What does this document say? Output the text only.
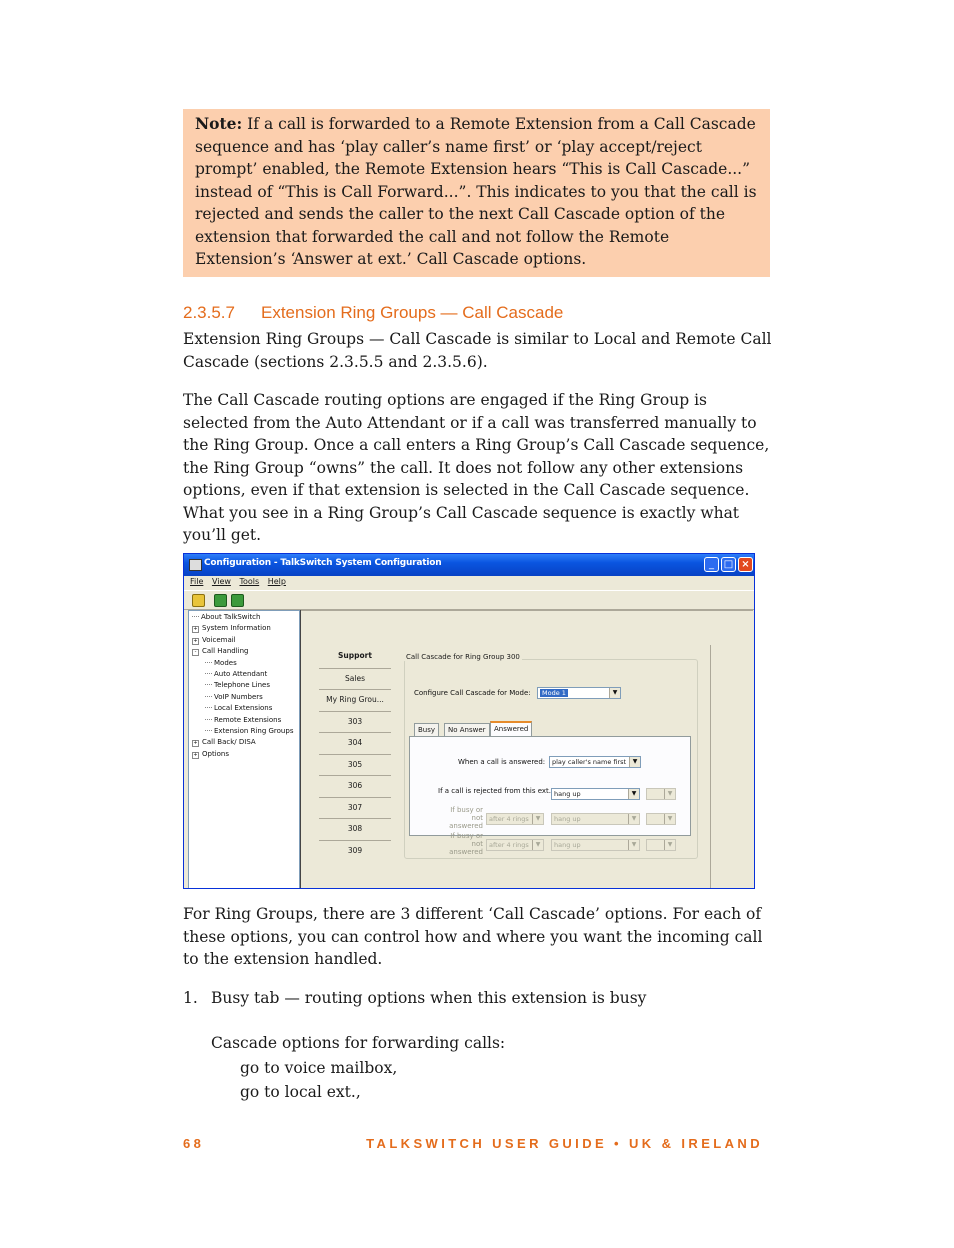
Note: If a call is forwarded to a Remote Extension from a Call Cascade sequence and has ‘play caller’s name first’ or ‘play accept/reject prompt’ enabled, the Remote Extension hears “This is Call Cascade...” instead of “This is Call Forward...”. This indicates to you that the call is rejected and sends the caller to the next Call Cascade option of the extension that forwarded the call and not follow the Remote Extension’s ‘Answer at ext.’ Call Cascade options.

2.3.5.7 Extension Ring Groups — Call Cascade

Extension Ring Groups — Call Cascade is similar to Local and Remote Call Cascade (sections 2.3.5.5 and 2.3.5.6).

The Call Cascade routing options are engaged if the Ring Group is selected from the Auto Attendant or if a call was transferred manually to the Ring Group. Once a call enters a Ring Group’s Call Cascade sequence, the Ring Group “owns” the call. It does not follow any other extensions options, even if that extension is selected in the Call Cascade sequence. What you see in a Ring Group’s Call Cascade sequence is exactly what you’ll get.

Configuration - TalkSwitch System Configuration	_ □ ×
File View Tools Help
About TalkSwitch
+ System Information
+ Voicemail
- Call Handling
Modes
Auto Attendant
Telephone Lines
VoIP Numbers
Local Extensions
Remote Extensions
Extension Ring Groups
+ Call Back/ DISA
+ Options
Support
Sales
My Ring Grou...
303
304
305
306
307
308
309
Call Cascade for Ring Group 300
Configure Call Cascade for Mode:	Mode 1	▼
Busy	No Answer	Answered
When a call is answered:	play caller's name first	▼
If a call is rejected from this ext. hang up	▼	▼
If busy or not answered
after 4 rings	▼	hang up	▼	▼
If busy or not answered
after 4 rings	▼	hang up	▼	▼

For Ring Groups, there are 3 different ‘Call Cascade’ options. For each of these options, you can control how and where you want the incoming call to the extension handled.

1. Busy tab — routing options when this extension is busy
Cascade options for forwarding calls:
go to voice mailbox,
go to local ext.,
68	TALKSWITCH USER GUIDE • UK & IRELAND
